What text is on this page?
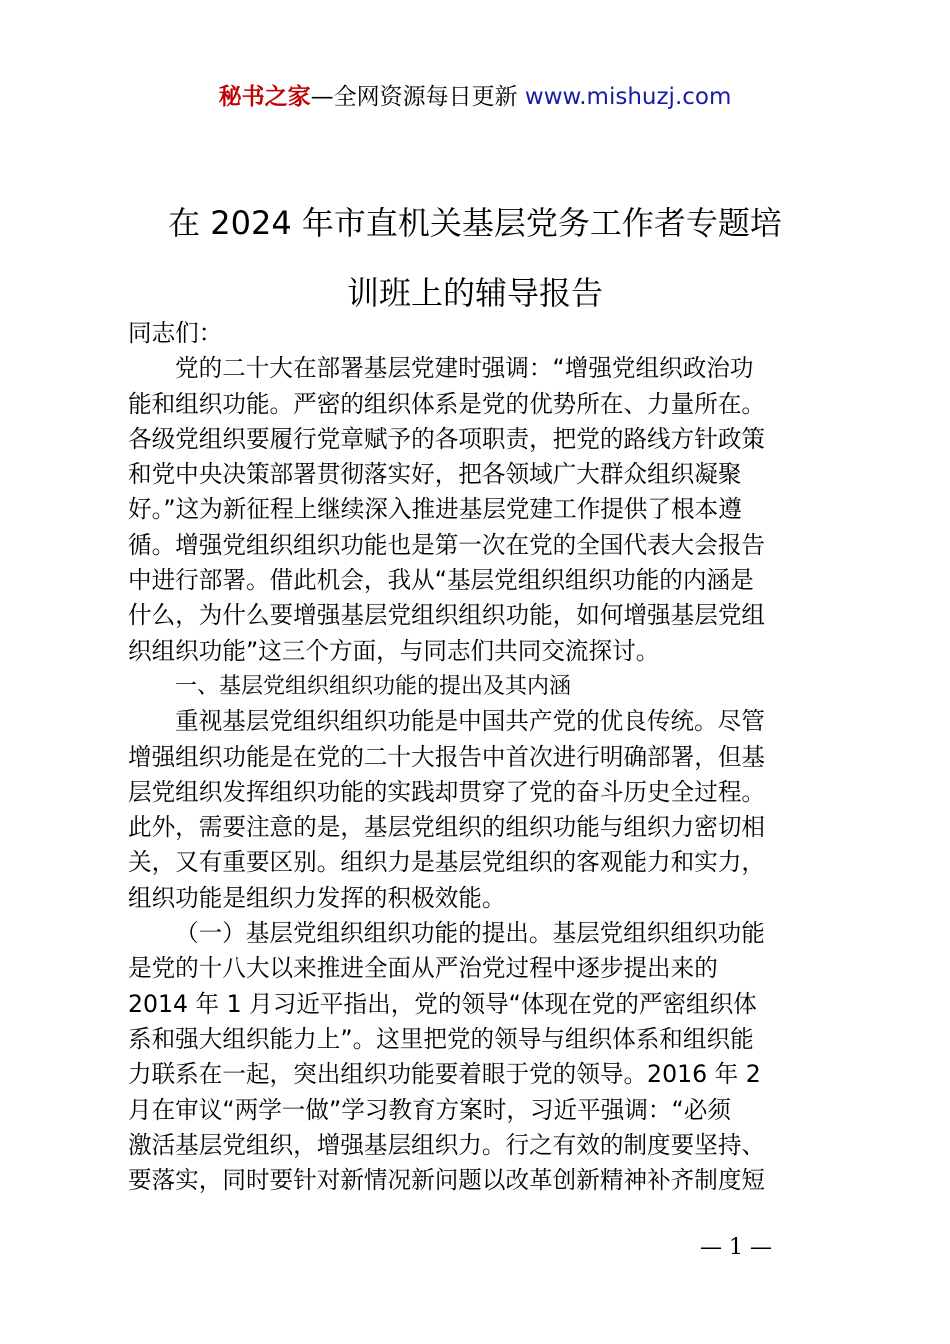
秘书之家—全网资源每日更新 www.mishuzj.com
在 2024 年市直机关基层党务工作者专题培
训班上的辅导报告
同志们：
党的二十大在部署基层党建时强调：“增强党组织政治功
能和组织功能。严密的组织体系是党的优势所在、力量所在。
各级党组织要履行党章赋予的各项职责，把党的路线方针政策
和党中央决策部署贯彻落实好，把各领域广大群众组织凝聚
好。”这为新征程上继续深入推进基层党建工作提供了根本遵
循。增强党组织组织功能也是第一次在党的全国代表大会报告
中进行部署。借此机会，我从“基层党组织组织功能的内涵是
什么，为什么要增强基层党组织组织功能，如何增强基层党组
织组织功能”这三个方面，与同志们共同交流探讨。
一、基层党组织组织功能的提出及其内涵
重视基层党组织组织功能是中国共产党的优良传统。尽管
增强组织功能是在党的二十大报告中首次进行明确部署，但基
层党组织发挥组织功能的实践却贯穿了党的奋斗历史全过程。
此外，需要注意的是，基层党组织的组织功能与组织力密切相
关，又有重要区别。组织力是基层党组织的客观能力和实力，
组织功能是组织力发挥的积极效能。
（一）基层党组织组织功能的提出。基层党组织组织功能
是党的十八大以来推进全面从严治党过程中逐步提出来的
2014 年 1 月习近平指出，党的领导“体现在党的严密组织体
系和强大组织能力上”。这里把党的领导与组织体系和组织能
力联系在一起，突出组织功能要着眼于党的领导。2016 年 2
月在审议“两学一做”学习教育方案时，习近平强调：“必须
激活基层党组织，增强基层组织力。行之有效的制度要坚持、
要落实，同时要针对新情况新问题以改革创新精神补齐制度短
— 1 —
